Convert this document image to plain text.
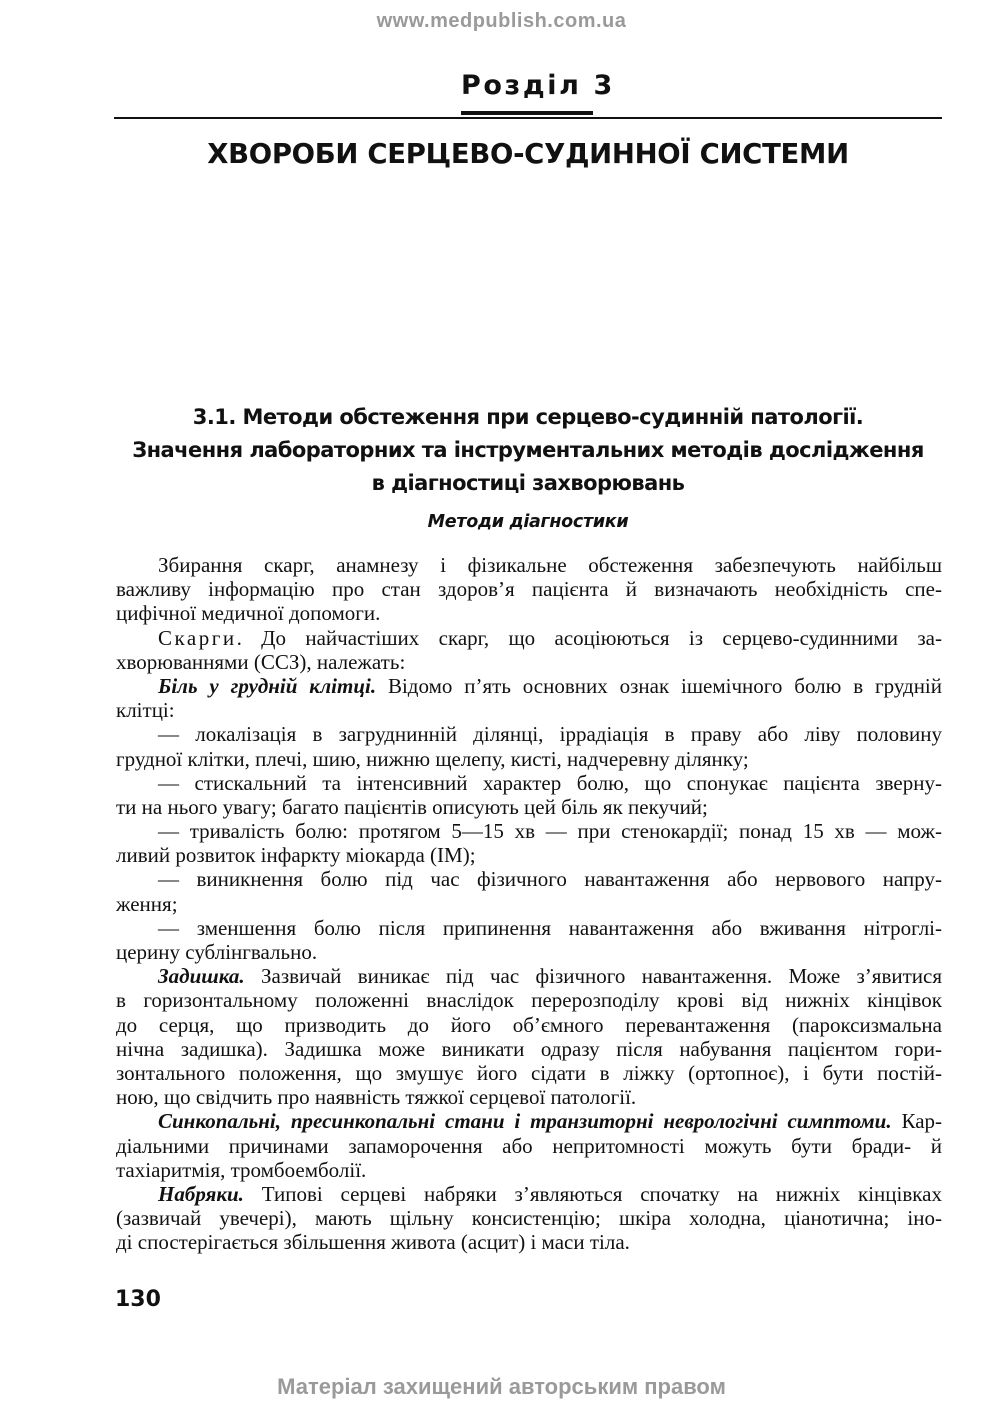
www.medpublish.com.ua
Розділ 3
ХВОРОБИ СЕРЦЕВО-СУДИННОЇ СИСТЕМИ
3.1. Методи обстеження при серцево-судинній патології.
Значення лабораторних та інструментальних методів дослідження
в діагностиці захворювань
Методи діагностики
Збирання скарг, анамнезу і фізикальне обстеження забезпечують найбільш
важливу інформацію про стан здоров’я пацієнта й визначають необхідність спе-
цифічної медичної допомоги.
Скарги. До найчастіших скарг, що асоціюються із серцево-судинними за-
хворюваннями (ССЗ), належать:
Біль у грудній клітці. Відомо п’ять основних ознак ішемічного болю в грудній
клітці:
— локалізація в загруднинній ділянці, іррадіація в праву або ліву половину
грудної клітки, плечі, шию, нижню щелепу, кисті, надчеревну ділянку;
— стискальний та інтенсивний характер болю, що спонукає пацієнта зверну-
ти на нього увагу; багато пацієнтів описують цей біль як пекучий;
— тривалість болю: протягом 5—15 хв — при стенокардії; понад 15 хв — мож-
ливий розвиток інфаркту міокарда (ІМ);
— виникнення болю під час фізичного навантаження або нервового напру-
ження;
— зменшення болю після припинення навантаження або вживання нітроглі-
церину сублінгвально.
Задишка. Зазвичай виникає під час фізичного навантаження. Може з’явитися
в горизонтальному положенні внаслідок перерозподілу крові від нижніх кінцівок
до серця, що призводить до його об’ємного перевантаження (пароксизмальна
нічна задишка). Задишка може виникати одразу після набування пацієнтом гори-
зонтального положення, що змушує його сідати в ліжку (ортопноє), і бути постій-
ною, що свідчить про наявність тяжкої серцевої патології.
Синкопальні, пресинкопальні стани і транзиторні неврологічні симптоми. Кар-
діальними причинами запаморочення або непритомності можуть бути бради- й
тахіаритмія, тромбоемболії.
Набряки. Типові серцеві набряки з’являються спочатку на нижніх кінцівках
(зазвичай увечері), мають щільну консистенцію; шкіра холодна, ціанотична; іно-
ді спостерігається збільшення живота (асцит) і маси тіла.
130
Матеріал захищений авторським правом
